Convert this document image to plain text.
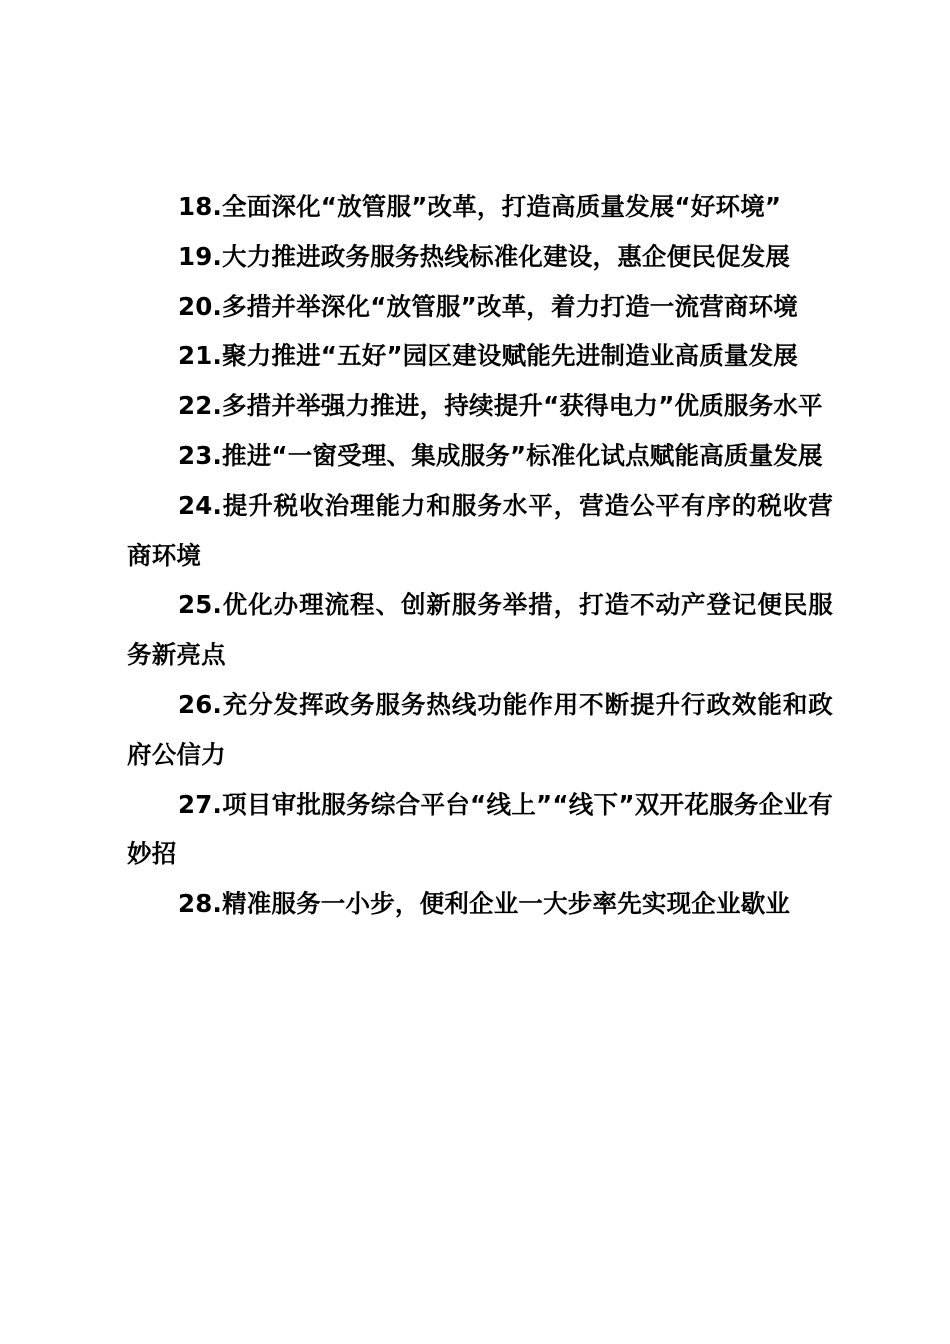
18.全面深化“放管服”改革，打造高质量发展“好环境”

19.大力推进政务服务热线标准化建设，惠企便民促发展

20.多措并举深化“放管服”改革，着力打造一流营商环境

21.聚力推进“五好”园区建设赋能先进制造业高质量发展

22.多措并举强力推进，持续提升“获得电力”优质服务水平

23.推进“一窗受理、集成服务”标准化试点赋能高质量发展

24.提升税收治理能力和服务水平，营造公平有序的税收营商环境

25.优化办理流程、创新服务举措，打造不动产登记便民服务新亮点

26.充分发挥政务服务热线功能作用不断提升行政效能和政府公信力

27.项目审批服务综合平台“线上”“线下”双开花服务企业有妙招

28.精准服务一小步，便利企业一大步率先实现企业歇业
